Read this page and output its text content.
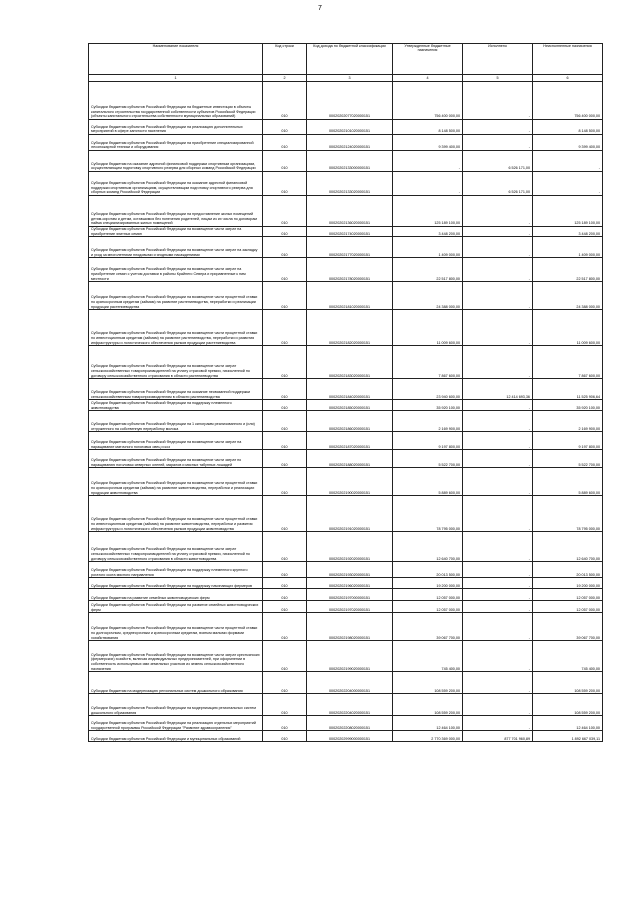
7
Наименование показателя	Код строки	Код дохода по бюджетной классификации	Утвержденные бюджетные назначения	Исполнено	Неисполненные назначения
1	2	3	4	5	6
Субсидии бюджетам субъектов Российской Федерации на бюджетные инвестиции в объекты капитального строительства государственной собственности субъектов Российской Федерации (объекты капитального строительства собственности муниципальных образований)	010	00020202077020000151	756 400 000,00	-	756 400 000,00
Субсидии бюджетам субъектов Российской Федерации на реализацию дополнительных мероприятий в сфере занятости населения	010	00020202101020000151	8 148 500,00	-	8 148 500,00
Субсидии бюджетам субъектов Российской Федерации на приобретение специализированной лесопожарной техники и оборудования	010	00020202124020000151	9 399 400,00	-	9 399 400,00
Субсидии бюджетам на оказание адресной финансовой поддержки спортивным организациям, осуществляющим подготовку спортивного резерва для сборных команд Российской Федерации	010	00020202133000000151	-	6 526 171,00	-
Субсидии бюджетам субъектов Российской Федерации на оказание адресной финансовой поддержки спортивным организациям, осуществляющим подготовку спортивного резерва для сборных команд Российской Федерации	010	00020202133020000151	-	6 526 171,00	-
Субсидии бюджетам субъектов Российской Федерации на предоставление жилых помещений детям-сиротам и детям, оставшимся без попечения родителей, лицам из их числа по договорам найма специализированных жилых помещений	010	00020202136020000151	125 189 100,00	-	125 189 100,00
Субсидии бюджетам субъектов Российской Федерации на возмещение части затрат на приобретение элитных семян	010	00020202174020000151	3 448 200,00	-	3 448 200,00
Субсидии бюджетам субъектов Российской Федерации на возмещение части затрат на закладку и уход за многолетними плодовыми и ягодными насаждениями	010	00020202177020000151	1 409 000,00	-	1 409 000,00
Субсидии бюджетам субъектов Российской Федерации на возмещение части затрат на приобретение семян с учетом доставки в районы Крайнего Севера и приравненные к ним местности	010	00020202178020000151	22 517 800,00	-	22 517 800,00
Субсидии бюджетам субъектов Российской Федерации на возмещение части процентной ставки по краткосрочным кредитам (займам) на развитие растениеводства, переработки и реализации продукции растениеводства	010	00020202181020000151	24 388 000,00	-	24 388 000,00
Субсидии бюджетам субъектов Российской Федерации на возмещение части процентной ставки по инвестиционным кредитам (займам) на развитие растениеводства, переработки и развития инфраструктуры и логистического обеспечения рынков продукции растениеводства	010	00020202182020000151	11 009 600,00	-	11 009 600,00
Субсидии бюджетам субъектов Российской Федерации на возмещение части затрат сельскохозяйственных товаропроизводителей на уплату страховой премии, начисленной по договору сельскохозяйственного страхования в области растениеводства	010	00020202183020000151	7 867 600,00	-	7 867 600,00
Субсидии бюджетам субъектов Российской Федерации на оказание несвязанной поддержки сельскохозяйственным товаропроизводителям в области растениеводства	010	00020202184020000151	23 940 600,00	12 414 693,36	11 525 906,64
Субсидии бюджетам субъектов Российской Федерации на поддержку племенного животноводства	010	00020202185020000151	35 920 100,00	-	35 920 100,00
Субсидии бюджетам субъектов Российской Федерации на 1 килограмм реализованного и (или) отгруженного на собственную переработку молока	010	00020202186020000151	2 169 900,00	-	2 169 900,00
Субсидии бюджетам субъектов Российской Федерации на возмещение части затрат на наращивание маточного поголовья овец и коз	010	00020202187020000151	9 197 800,00	-	9 197 800,00
Субсидии бюджетам субъектов Российской Федерации на возмещение части затрат по наращиванию поголовья северных оленей, маралов и мясных табунных лошадей	010	00020202188020000151	5 522 700,00	-	5 522 700,00
Субсидии бюджетам субъектов Российской Федерации на возмещение части процентной ставки по краткосрочным кредитам (займам) на развитие животноводства, переработки и реализации продукции животноводства	010	00020202190020000151	5 889 600,00	-	5 889 600,00
Субсидии бюджетам субъектов Российской Федерации на возмещение части процентной ставки по инвестиционным кредитам (займам) на развитие животноводства, переработки и развития инфраструктуры и логистического обеспечения рынков продукции животноводства	010	00020202191020000151	78 795 000,00	-	78 795 000,00
Субсидии бюджетам субъектов Российской Федерации на возмещение части затрат сельскохозяйственных товаропроизводителей на уплату страховой премии, начисленной по договору сельскохозяйственного страхования в области животноводства	010	00020202192020000151	12 640 700,00	-	12 640 700,00
Субсидии бюджетам субъектов Российской Федерации на поддержку племенного крупного рогатого скота мясного направления	010	00020202193020000151	20 013 500,00	-	20 013 500,00
Субсидии бюджетам субъектов Российской Федерации на поддержку начинающих фермеров	010	00020202196020000151	19 200 000,00	-	19 200 000,00
Субсидии бюджетам на развитие семейных животноводческих ферм	010	00020202197000000151	12 057 000,00	-	12 057 000,00
Субсидии бюджетам субъектов Российской Федерации на развитие семейных животноводческих ферм	010	00020202197020000151	12 057 000,00	-	12 057 000,00
Субсидии бюджетам субъектов Российской Федерации на возмещение части процентной ставки по долгосрочным, среднесрочным и краткосрочным кредитам, взятым малыми формами хозяйствования	010	00020202198020000151	39 067 700,00	-	39 067 700,00
Субсидии бюджетам субъектов Российской Федерации на возмещение части затрат крестьянских (фермерских) хозяйств, включая индивидуальных предпринимателей, при оформлении в собственность используемых ими земельных участков из земель сельскохозяйственного назначения	010	00020202199020000151	745 400,00	-	745 400,00
Субсидии бюджетам на модернизацию региональных систем дошкольного образования	010	00020202204000000151	108 559 200,00	-	108 559 200,00
Субсидии бюджетам субъектов Российской Федерации на модернизацию региональных систем дошкольного образования	010	00020202204020000151	108 559 200,00	-	108 559 200,00
Субсидии бюджетам субъектов Российской Федерации на реализацию отдельных мероприятий государственной программы Российской Федерации "Развитие здравоохранения"	010	00020202208020000151	12 464 100,00	-	12 464 100,00
Субсидии бюджетам субъектов Российской Федерации и муниципальных образований	010	00020202999000000151	2 770 369 000,00	877 701 960,89	1 892 667 039,11
